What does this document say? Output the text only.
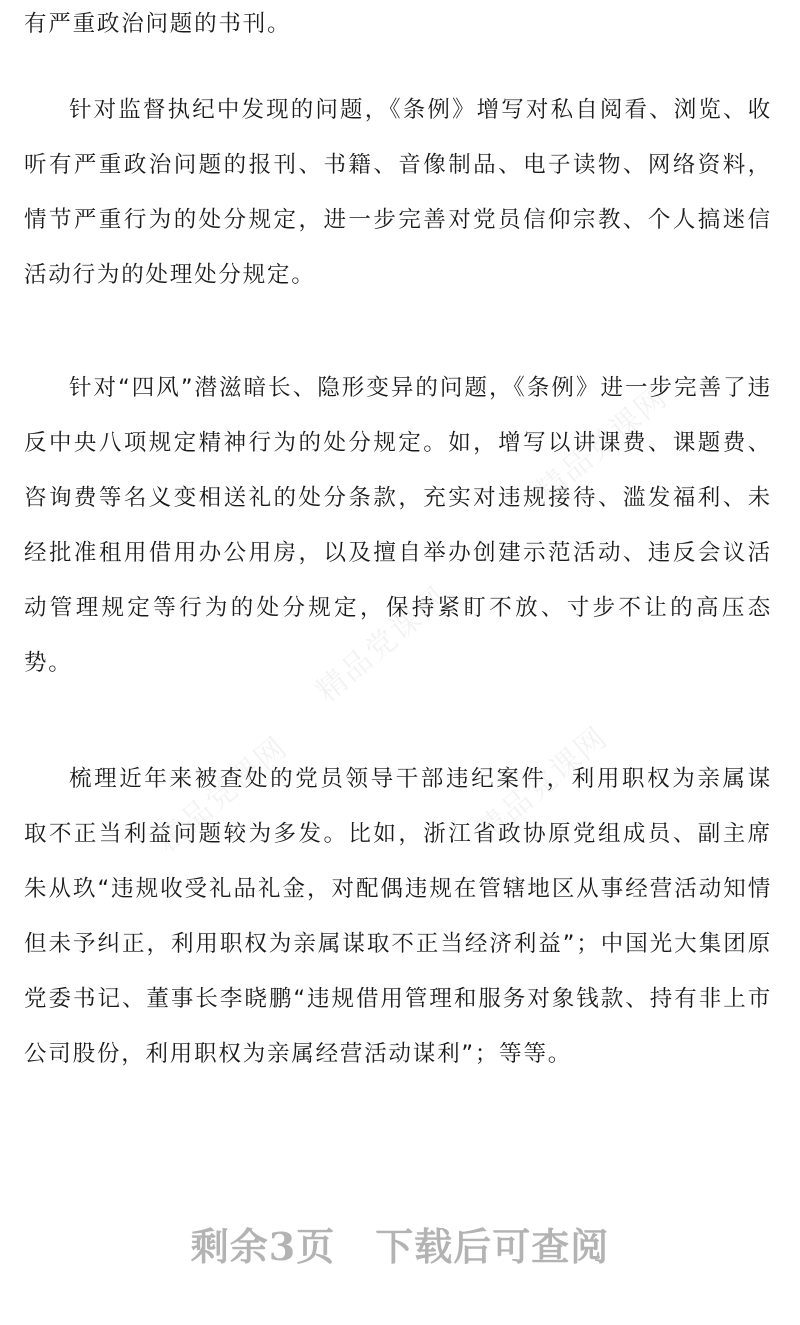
精品党课网
精品党课网
精品党课网	精品党课网

有严重政治问题的书刊。

针对监督执纪中发现的问题，《条例》增写对私自阅看、浏览、收听有严重政治问题的报刊、书籍、音像制品、电子读物、网络资料，情节严重行为的处分规定，进一步完善对党员信仰宗教、个人搞迷信活动行为的处理处分规定。

针对“四风”潜滋暗长、隐形变异的问题，《条例》进一步完善了违反中央八项规定精神行为的处分规定。如，增写以讲课费、课题费、咨询费等名义变相送礼的处分条款，充实对违规接待、滥发福利、未经批准租用借用办公用房，以及擅自举办创建示范活动、违反会议活动管理规定等行为的处分规定，保持紧盯不放、寸步不让的高压态势。

梳理近年来被查处的党员领导干部违纪案件，利用职权为亲属谋取不正当利益问题较为多发。比如，浙江省政协原党组成员、副主席朱从玖“违规收受礼品礼金，对配偶违规在管辖地区从事经营活动知情但未予纠正，利用职权为亲属谋取不正当经济利益”；中国光大集团原党委书记、董事长李晓鹏“违规借用管理和服务对象钱款、持有非上市公司股份，利用职权为亲属经营活动谋利”；等等。

剩余3页 下载后可查阅
